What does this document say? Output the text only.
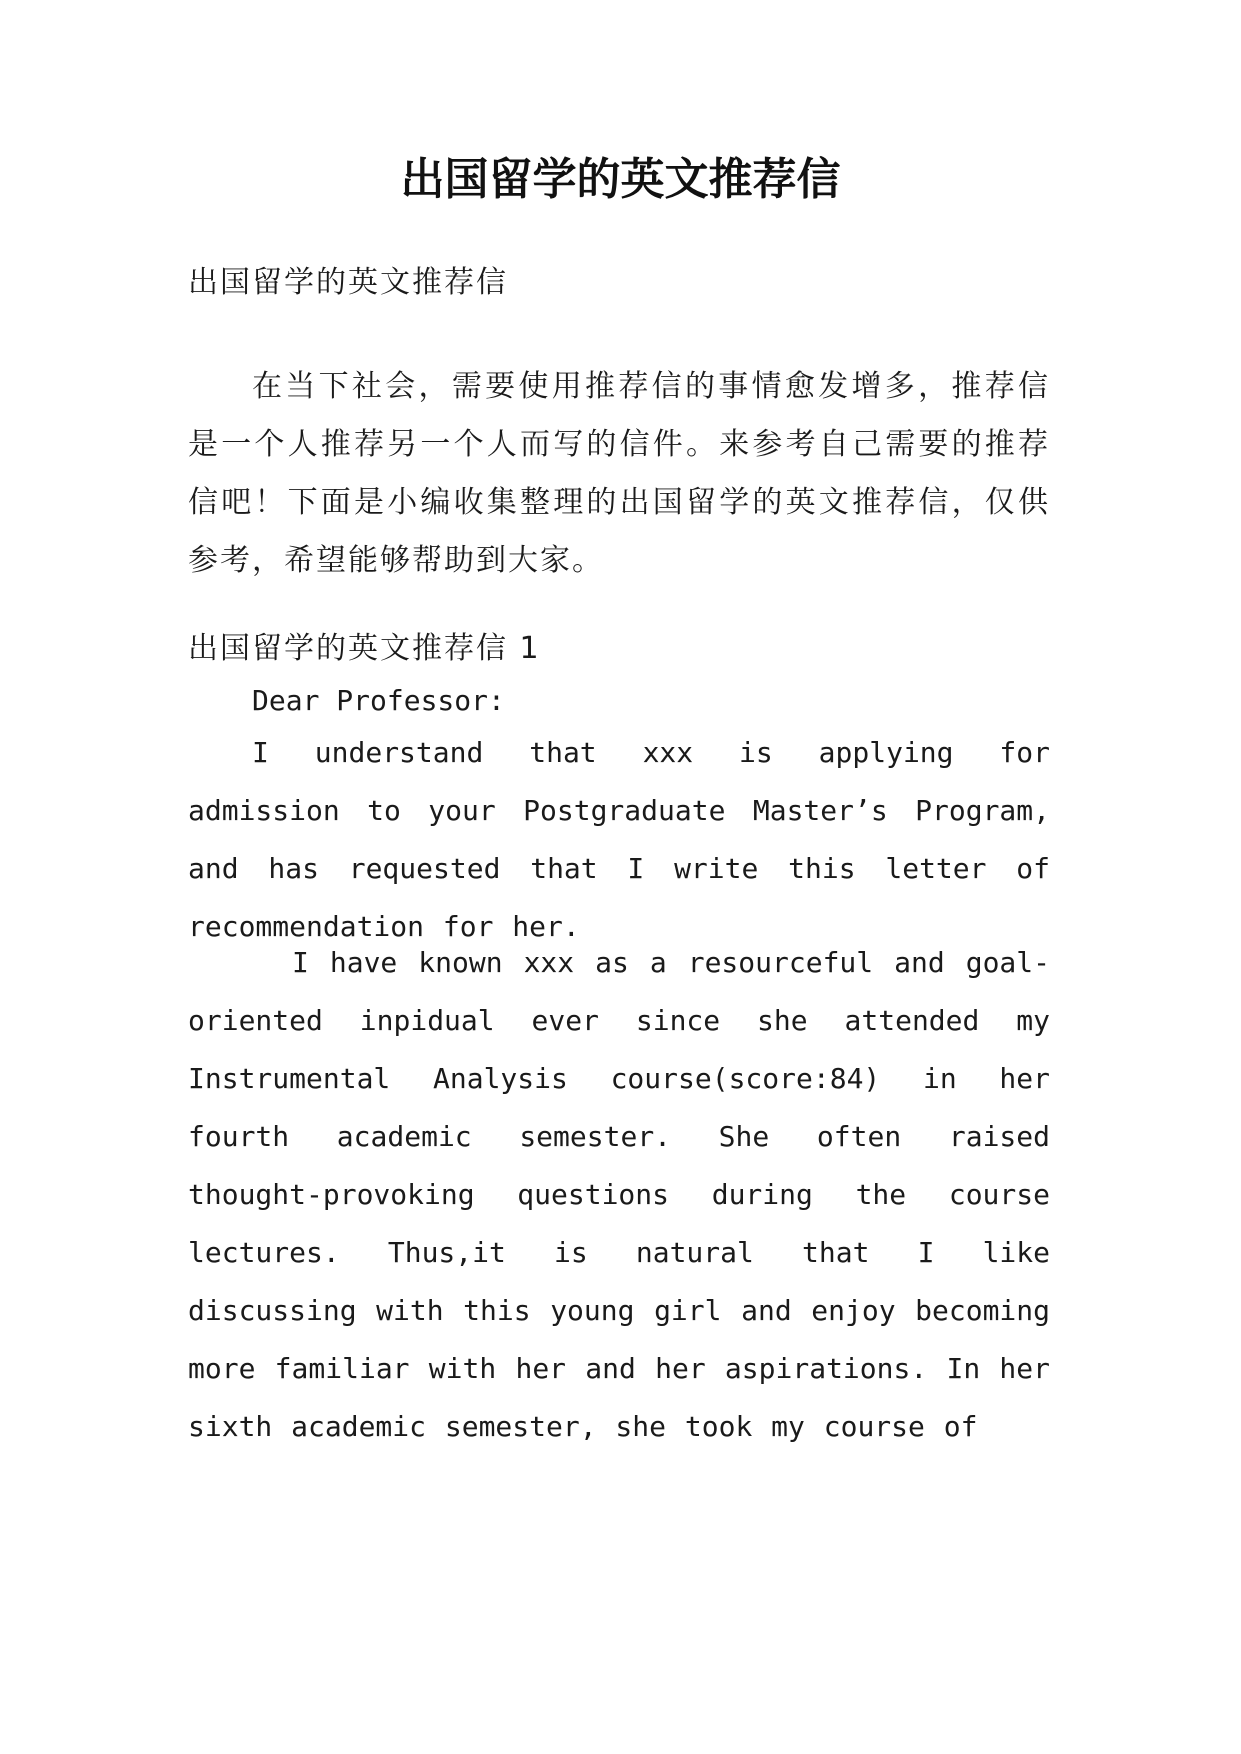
出国留学的英文推荐信

出国留学的英文推荐信

在当下社会，需要使用推荐信的事情愈发增多，推荐信是一个人推荐另一个人而写的信件。来参考自己需要的推荐信吧！下面是小编收集整理的出国留学的英文推荐信，仅供参考，希望能够帮助到大家。

出国留学的英文推荐信 1

Dear Professor:

I understand that xxx is applying for admission to your Postgraduate Master’s Program, and has requested that I write this letter of recommendation for her.

I have known xxx as a resourceful and goal-oriented inpidual ever since she attended my Instrumental Analysis course(score:84) in her fourth academic semester. She often raised thought-provoking questions during the course lectures. Thus,it is natural that I like discussing with this young girl and enjoy becoming more familiar with her and her aspirations. In her sixth academic semester, she took my course of
